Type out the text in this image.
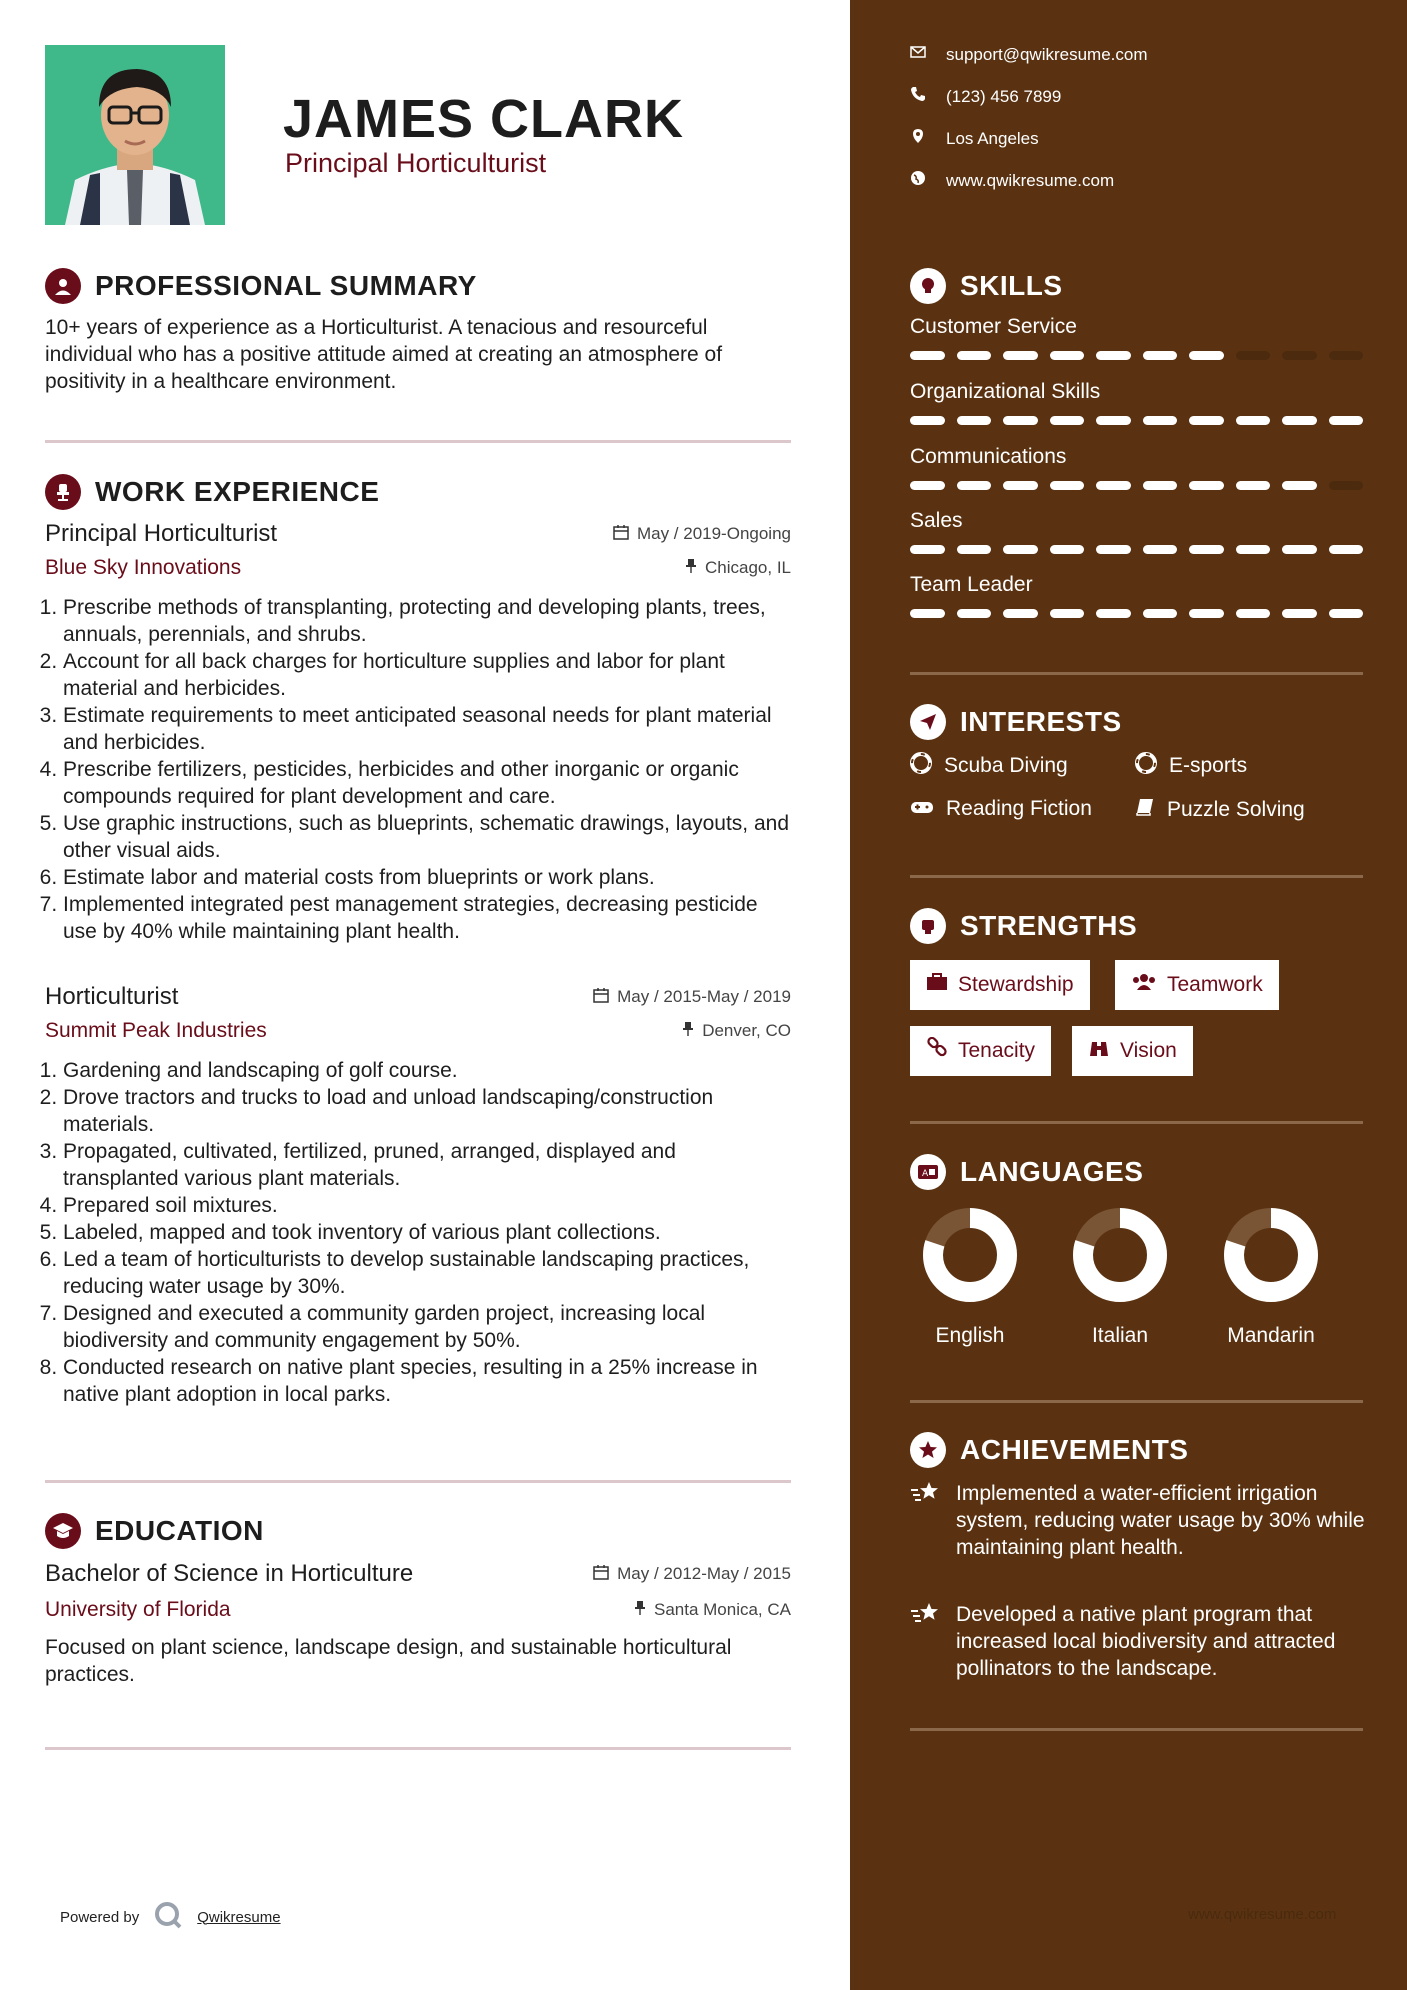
JAMES CLARK
Principal Horticulturist
PROFESSIONAL SUMMARY

10+ years of experience as a Horticulturist. A tenacious and resourceful individual who has a positive attitude aimed at creating an atmosphere of positivity in a healthcare environment.

WORK EXPERIENCE
Principal Horticulturist	May / 2019-Ongoing
Blue Sky Innovations	Chicago, IL
1. Prescribe methods of transplanting, protecting and developing plants, trees, annuals, perennials, and shrubs.
2. Account for all back charges for horticulture supplies and labor for plant material and herbicides.
3. Estimate requirements to meet anticipated seasonal needs for plant material and herbicides.
4. Prescribe fertilizers, pesticides, herbicides and other inorganic or organic compounds required for plant development and care.
5. Use graphic instructions, such as blueprints, schematic drawings, layouts, and other visual aids.
6. Estimate labor and material costs from blueprints or work plans.
7. Implemented integrated pest management strategies, decreasing pesticide use by 40% while maintaining plant health.
Horticulturist	May / 2015-May / 2019
Summit Peak Industries	Denver, CO
1. Gardening and landscaping of golf course.
2. Drove tractors and trucks to load and unload landscaping/construction materials.
3. Propagated, cultivated, fertilized, pruned, arranged, displayed and transplanted various plant materials.
4. Prepared soil mixtures.
5. Labeled, mapped and took inventory of various plant collections.
6. Led a team of horticulturists to develop sustainable landscaping practices, reducing water usage by 30%.
7. Designed and executed a community garden project, increasing local biodiversity and community engagement by 50%.
8. Conducted research on native plant species, resulting in a 25% increase in native plant adoption in local parks.
EDUCATION
Bachelor of Science in Horticulture	May / 2012-May / 2015
University of Florida	Santa Monica, CA

Focused on plant science, landscape design, and sustainable horticultural practices.

Powered by	Qwikresume
support@qwikresume.com
(123) 456 7899
Los Angeles
www.qwikresume.com
SKILLS
Customer Service
Organizational Skills
Communications
Sales
Team Leader
INTERESTS
Scuba Diving	E-sports
Reading Fiction	Puzzle Solving
STRENGTHS
Stewardship	Teamwork
Tenacity	Vision
A LANGUAGES
English	Italian	Mandarin
ACHIEVEMENTS
Implemented a water-efficient irrigation system, reducing water usage by 30% while maintaining plant health.
Developed a native plant program that increased local biodiversity and attracted pollinators to the landscape.
www.qwikresume.com
